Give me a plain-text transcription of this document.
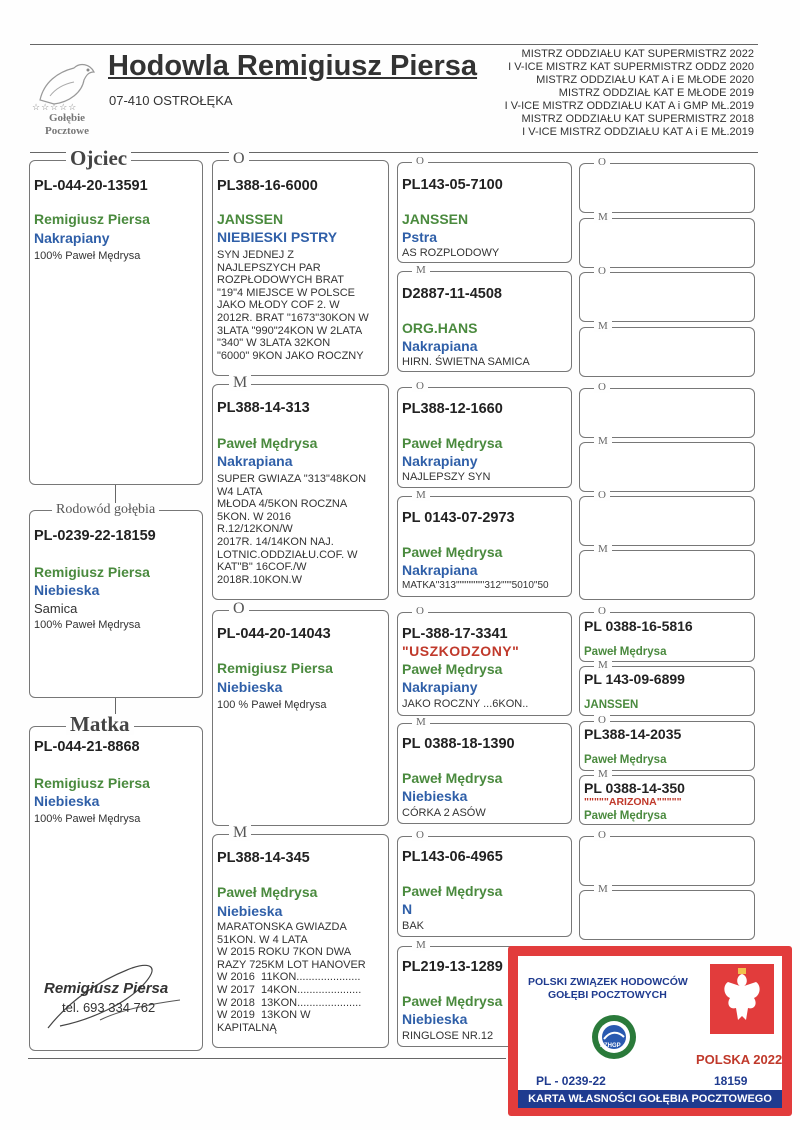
☆☆☆☆☆
Gołębie Pocztowe
Hodowla Remigiusz Piersa
07-410 OSTROŁĘKA
MISTRZ ODDZIAŁU KAT SUPERMISTRZ 2022
I V-ICE MISTRZ KAT SUPERMISTRZ ODDZ 2020
MISTRZ ODDZIAŁU KAT A i E MŁODE 2020
MISTRZ ODDZIAŁ KAT E MŁODE 2019
I V-ICE MISTRZ ODDZIAŁU KAT A i GMP MŁ.2019
MISTRZ ODDZIAŁU KAT SUPERMISTRZ 2018
I V-ICE MISTRZ ODDZIAŁU KAT A i E MŁ.2019
Ojciec
PL-044-20-13591
Remigiusz Piersa
Nakrapiany
100% Paweł Mędrysa
Rodowód gołębia
PL-0239-22-18159
Remigiusz Piersa
Niebieska
Samica
100% Paweł Mędrysa
Matka
PL-044-21-8868
Remigiusz Piersa
Niebieska
100% Paweł Mędrysa
O
PL388-16-6000
JANSSEN
NIEBIESKI PSTRY
SYN JEDNEJ Z
NAJLEPSZYCH PAR
ROZPŁODOWYCH BRAT
"19"4 MIEJSCE W POLSCE
JAKO MŁODY COF 2. W
2012R. BRAT "1673"30KON W
3LATA "990"24KON W 2LATA
"340" W 3LATA 32KON
"6000" 9KON JAKO ROCZNY
M
PL388-14-313
Paweł Mędrysa
Nakrapiana
SUPER GWIAZA "313"48KON
W4 LATA
MŁODA 4/5KON ROCZNA
5KON. W 2016
R.12/12KON/W
2017R. 14/14KON NAJ.
LOTNIC.ODDZIAŁU.COF. W
KAT"B" 16COF./W
2018R.10KON.W
O
PL-044-20-14043
Remigiusz Piersa
Niebieska
100 % Paweł Mędrysa
M
PL388-14-345
Paweł Mędrysa
Niebieska
MARATONSKA GWIAZDA
51KON. W 4 LATA
W 2015 ROKU 7KON DWA
RAZY 725KM LOT HANOVER
W 2016  11KON.....................
W 2017  14KON.....................
W 2018  13KON.....................
W 2019  13KON W
KAPITALNĄ
O
PL143-05-7100
JANSSEN
Pstra
AS ROZPLODOWY
M
D2887-11-4508
ORG.HANS
Nakrapiana
HIRN. ŚWIETNA SAMICA
O
PL388-12-1660
Paweł Mędrysa
Nakrapiany
NAJLEPSZY SYN
M
PL 0143-07-2973
Paweł Mędrysa
Nakrapiana
MATKA"313""""""""312"""5010"50
O
PL-388-17-3341
"USZKODZONY"
Paweł Mędrysa
Nakrapiany
JAKO ROCZNY ...6KON..
M
PL 0388-18-1390
Paweł Mędrysa
Niebieska
CÓRKA 2 ASÓW
O
PL143-06-4965
Paweł Mędrysa
N
BAK
M
PL219-13-1289
Paweł Mędrysa
Niebieska
RINGLOSE NR.12
O
M
O
M
O
M
O
M
O
PL 0388-16-5816
Paweł Mędrysa
M
PL 143-09-6899
JANSSEN
O
PL388-14-2035
Paweł Mędrysa
M
PL 0388-14-350
"""""ARIZONA"""""
Paweł Mędrysa
O
M
Remigiusz Piersa
tel. 693 334 762
POLSKI ZWIĄZEK HODOWCÓW
GOŁĘBI POCZTOWYCH
PZHGP
POLSKA 2022
PL - 0239-22	18159
KARTA WŁASNOŚCI GOŁĘBIA POCZTOWEGO
